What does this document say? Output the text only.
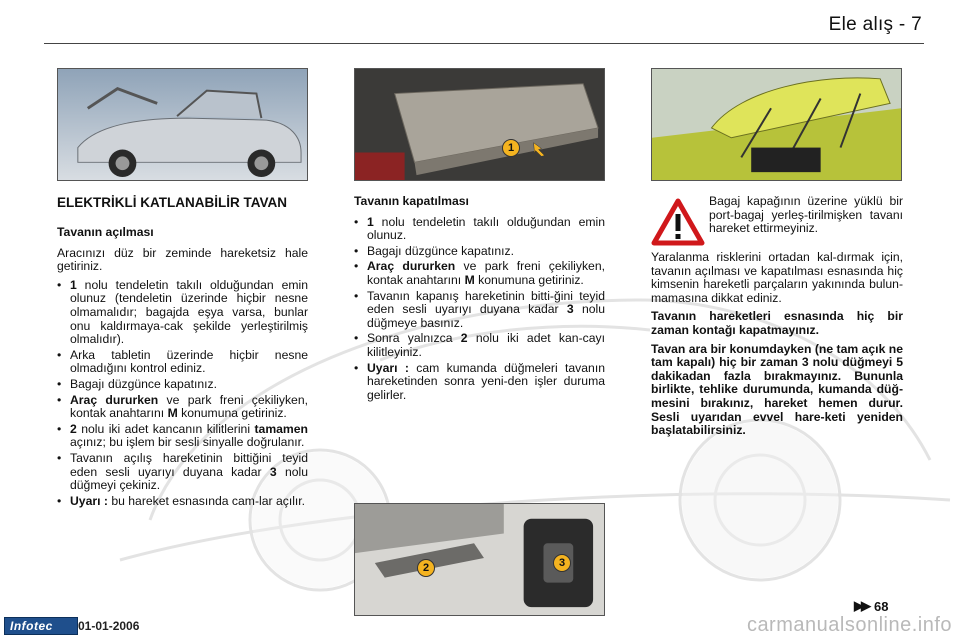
Ele alış - 7
1
2	3
ELEKTRİKLİ KATLANABİLİR TAVAN
Tavanın açılması

Aracınızı düz bir zeminde hareketsiz hale getiriniz.

• 1 nolu tendeletin takılı olduğundan emin olunuz (tendeletin üzerinde hiçbir nesne olmamalıdır; bagajda eşya varsa, bunlar onu kaldırmaya-cak şekilde yerleştirilmiş olmalıdır).
• Arka tabletin üzerinde hiçbir nesne olmadığını kontrol ediniz.
• Bagajı düzgünce kapatınız.
• Araç dururken ve park freni çekiliyken, kontak anahtarını M konumuna getiriniz.
• 2 nolu iki adet kancanın kilitlerini tamamen açınız; bu işlem bir sesli sinyalle doğrulanır.
• Tavanın açılış hareketinin bittiğini teyid eden sesli uyarıyı duyana kadar 3 nolu düğmeyi çekiniz.
• Uyarı : bu hareket esnasında cam-lar açılır.
Tavanın kapatılması
• 1 nolu tendeletin takılı olduğundan emin olunuz.
• Bagajı düzgünce kapatınız.
• Araç dururken ve park freni çekiliyken, kontak anahtarını M konumuna getiriniz.
• Tavanın kapanış hareketinin bitti-ğini teyid eden sesli uyarıyı duyana kadar 3 nolu düğmeye basınız.
• Sonra yalnızca 2 nolu iki adet kan-cayı kilitleyiniz.
• Uyarı : cam kumanda düğmeleri tavanın hareketinden sonra yeni-den işler duruma gelirler.
Bagaj kapağının üzerine yüklü bir port-bagaj yerleş-tirilmişken tavanı hareket ettirmeyiniz.

Yaralanma risklerini ortadan kal-dırmak için, tavanın açılması ve kapatılması esnasında hiç kimsenin hareketli parçaların yakınında bulun-mamasına dikkat ediniz.

Tavanın hareketleri esnasında hiç bir zaman kontağı kapatmayınız.

Tavan ara bir konumdayken (ne tam açık ne tam kapalı) hiç bir zaman 3 nolu düğmeyi 5 dakikadan fazla bırakmayınız. Bununla birlikte, tehlike durumunda, kumanda düğ-mesini bırakınız, hareket hemen durur. Sesli uyarıdan evvel hare-keti yeniden başlatabilirsiniz.

Infotec	01-01-2006
▶▶ 68
carmanualsonline.info
